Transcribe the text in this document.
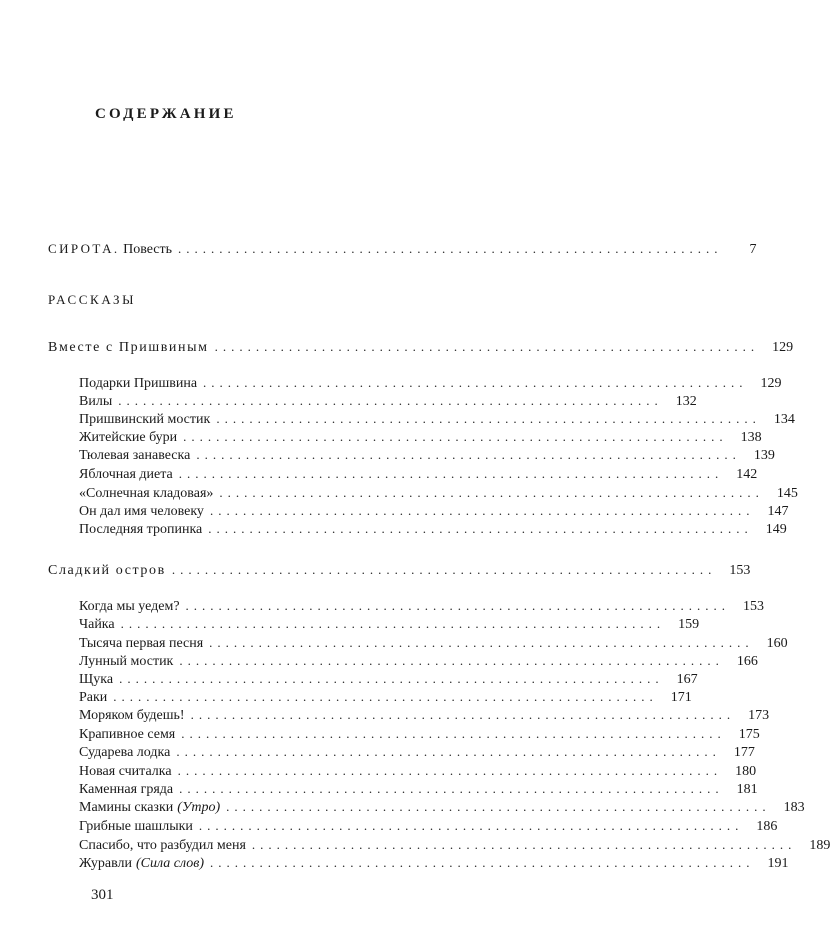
СОДЕРЖАНИЕ
СИРОТА. Повесть ..................................................................	7
РАССКАЗЫ
Вместе с Пришвиным .................................................................. 129
Подарки Пришвина .................................................................. 129
Вилы .................................................................. 132
Пришвинский мостик .................................................................. 134
Житейские бури .................................................................. 138
Тюлевая занавеска .................................................................. 139
Яблочная диета .................................................................. 142
«Солнечная кладовая» .................................................................. 145
Он дал имя человеку .................................................................. 147
Последняя тропинка .................................................................. 149
Сладкий остров .................................................................. 153
Когда мы уедем? .................................................................. 153
Чайка .................................................................. 159
Тысяча первая песня .................................................................. 160
Лунный мостик .................................................................. 166
Щука .................................................................. 167
Раки .................................................................. 171
Моряком будешь! .................................................................. 173
Крапивное семя .................................................................. 175
Сударева лодка .................................................................. 177
Новая считалка .................................................................. 180
Каменная гряда .................................................................. 181
Мамины сказки (Утро) .................................................................. 183
Грибные шашлыки .................................................................. 186
Спасибо, что разбудил меня .................................................................. 189
Журавли (Сила слов) .................................................................. 191
301
